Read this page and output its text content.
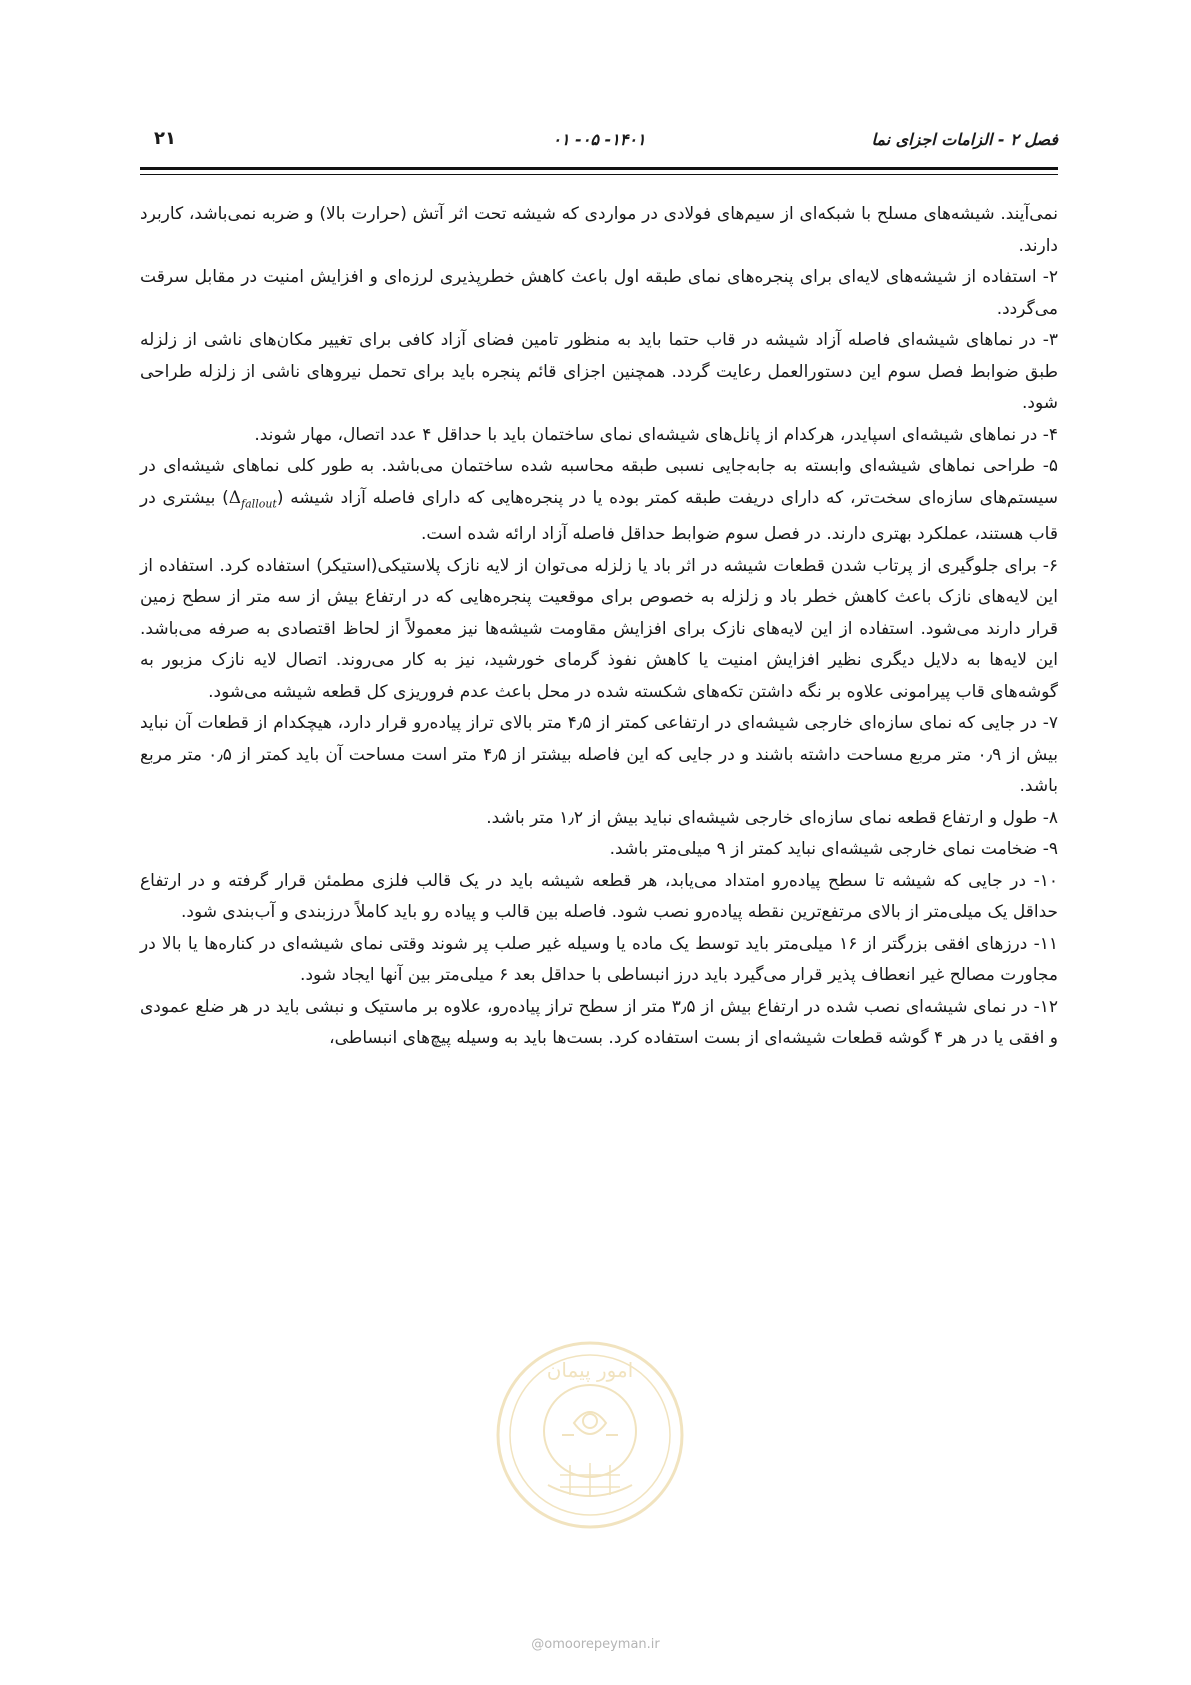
فصل ۲ - الزامات اجزای نما
۰۱ -۰۵ -۱۴۰۱
۲۱

نمی‌آیند. شیشه‌های مسلح با شبکه‌ای از سیم‌های فولادی در مواردی که شیشه تحت اثر آتش (حرارت بالا) و ضربه نمی‌باشد، کاربرد دارند.

۲- استفاده از شیشه‌های لایه‌ای برای پنجره‌های نمای طبقه اول باعث کاهش خطرپذیری لرزه‌ای و افزایش امنیت در مقابل سرقت می‌گردد.

۳- در نماهای شیشه‌ای فاصله آزاد شیشه در قاب حتما باید به منظور تامین فضای آزاد کافی برای تغییر مکان‌های ناشی از زلزله طبق ضوابط فصل سوم این دستورالعمل رعایت گردد. همچنین اجزای قائم پنجره باید برای تحمل نیروهای ناشی از زلزله طراحی شود.

۴- در نماهای شیشه‌ای اسپایدر، هرکدام از پانل‌های شیشه‌ای نمای ساختمان باید با حداقل ۴ عدد اتصال، مهار شوند.

۵- طراحی نماهای شیشه‌ای وابسته به جابه‌جایی نسبی طبقه محاسبه شده ساختمان می‌باشد. به طور کلی نماهای شیشه‌ای در سیستم‌های سازه‌ای سخت‌تر، که دارای دریفت طبقه کمتر بوده یا در پنجره‌هایی که دارای فاصله آزاد شیشه $(\Delta_{fallout})$ بیشتری در قاب هستند، عملکرد بهتری دارند. در فصل سوم ضوابط حداقل فاصله آزاد ارائه شده است.

۶- برای جلوگیری از پرتاب شدن قطعات شیشه در اثر باد یا زلزله می‌توان از لایه نازک پلاستیکی(استیکر) استفاده کرد. استفاده از این لایه‌های نازک باعث کاهش خطر باد و زلزله به خصوص برای موقعیت پنجره‌هایی که در ارتفاع بیش از سه متر از سطح زمین قرار دارند می‌شود. استفاده از این لایه‌های نازک برای افزایش مقاومت شیشه‌ها نیز معمولاً از لحاظ اقتصادی به صرفه می‌باشد. این لایه‌ها به دلایل دیگری نظیر افزایش امنیت یا کاهش نفوذ گرمای خورشید، نیز به کار می‌روند. اتصال لایه نازک مزبور به گوشه‌های قاب پیرامونی علاوه بر نگه داشتن تکه‌های شکسته شده در محل باعث عدم فروریزی کل قطعه شیشه می‌شود.

۷- در جایی که نمای سازه‌ای خارجی شیشه‌ای در ارتفاعی کمتر از ۴٫۵ متر بالای تراز پیاده‌رو قرار دارد، هیچکدام از قطعات آن نباید بیش از ۰٫۹ متر مربع مساحت داشته باشند و در جایی که این فاصله بیشتر از ۴٫۵ متر است مساحت آن باید کمتر از ۰٫۵ متر مربع باشد.

۸- طول و ارتفاع قطعه نمای سازه‌ای خارجی شیشه‌ای نباید بیش از ۱٫۲ متر باشد.

۹- ضخامت نمای خارجی شیشه‌ای نباید کمتر از ۹ میلی‌متر باشد.

۱۰- در جایی که شیشه تا سطح پیاده‌رو امتداد می‌یابد، هر قطعه شیشه باید در یک قالب فلزی مطمئن قرار گرفته و در ارتفاع حداقل یک میلی‌متر از بالای مرتفع‌ترین نقطه پیاده‌رو نصب شود. فاصله بین قالب و پیاده رو باید کاملاً درزبندی و آب‌بندی شود.

۱۱- درزهای افقی بزرگتر از ۱۶ میلی‌متر باید توسط یک ماده یا وسیله غیر صلب پر شوند وقتی نمای شیشه‌ای در کناره‌ها یا بالا در مجاورت مصالح غیر انعطاف پذیر قرار می‌گیرد باید درز انبساطی با حداقل بعد ۶ میلی‌متر بین آنها ایجاد شود.

۱۲- در نمای شیشه‌ای نصب شده در ارتفاع بیش از ۳٫۵ متر از سطح تراز پیاده‌رو، علاوه بر ماستیک و نبشی باید در هر ضلع عمودی و افقی یا در هر ۴ گوشه قطعات شیشه‌ای از بست استفاده کرد. بست‌ها باید به وسیله پیچ‌های انبساطی،

امور پیمان
@omoorepeyman.ir
